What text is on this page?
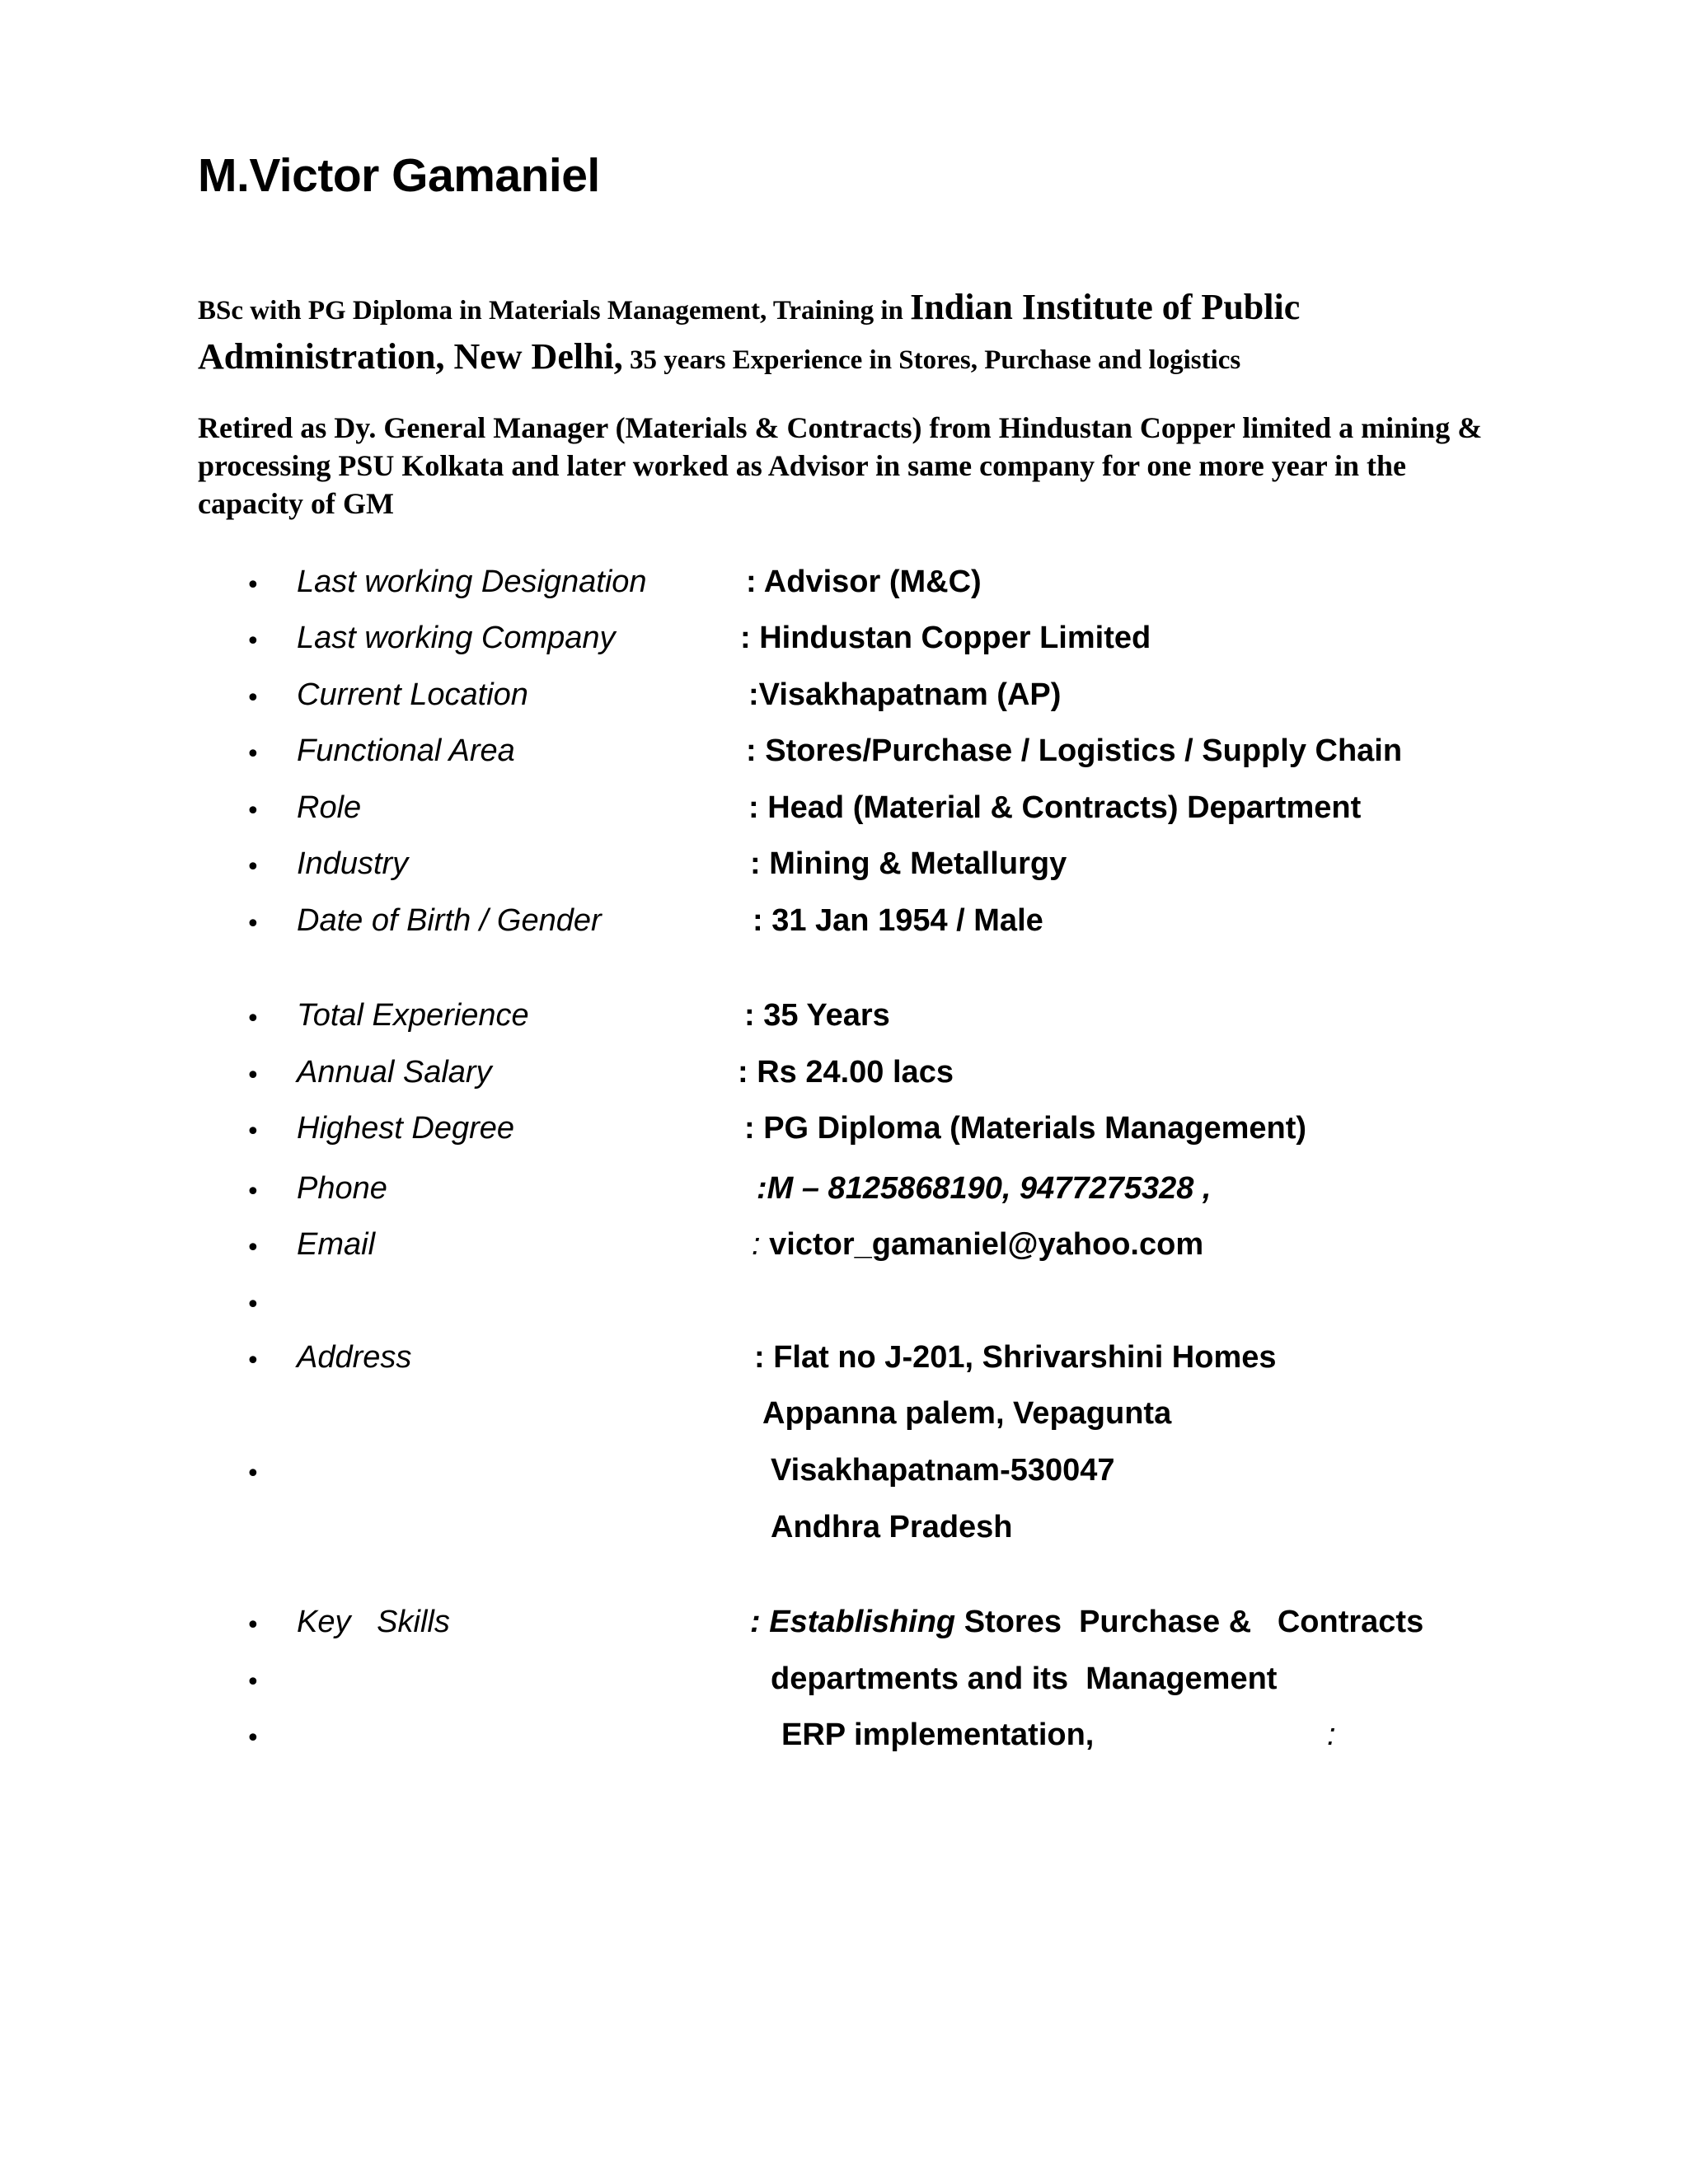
M.Victor Gamaniel
BSc with PG Diploma in Materials Management, Training in Indian Institute of Public Administration, New Delhi, 35 years Experience in Stores, Purchase and logistics
Retired as Dy. General Manager (Materials & Contracts) from Hindustan Copper limited a mining & processing PSU Kolkata and later worked as Advisor in same company for one more year in the capacity of GM
• Last working Designation	: Advisor (M&C)
• Last working Company	: Hindustan Copper Limited
• Current Location	:Visakhapatnam (AP)
• Functional Area	: Stores/Purchase / Logistics / Supply Chain
• Role	: Head (Material & Contracts) Department
• Industry	: Mining & Metallurgy
• Date of Birth / Gender	: 31 Jan 1954 / Male
• Total Experience	: 35 Years
• Annual Salary	: Rs 24.00 lacs
• Highest Degree	: PG Diploma (Materials Management)
• Phone	:M – 8125868190, 9477275328 ,
• Email	: victor_gamaniel@yahoo.com
•
• Address	: Flat no J-201, Shrivarshini Homes
Appanna palem, Vepagunta
•	Visakhapatnam-530047
Andhra Pradesh
• Key   Skills	: Establishing Stores  Purchase &   Contracts
•	departments and its  Management
•	ERP implementation,	:
